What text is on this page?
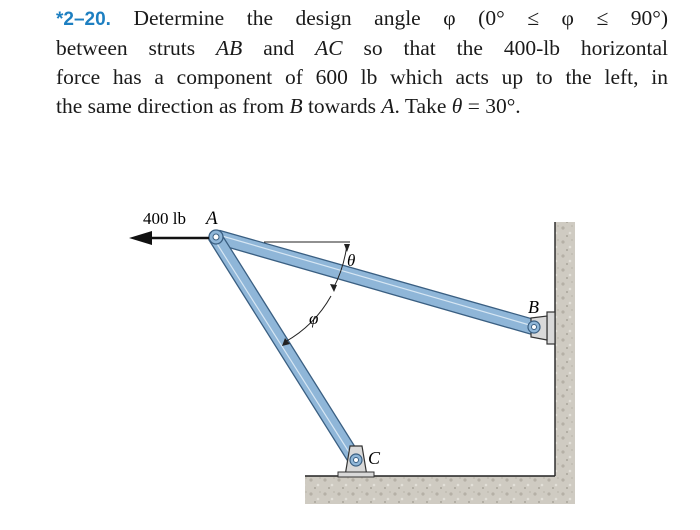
*2–20. Determine the design angle φ (0° ≤ φ ≤ 90°)
between struts AB and AC so that the 400-lb horizontal
force has a component of 600 lb which acts up to the left, in
the same direction as from B towards A. Take θ = 30°.
400 lb A
B
C
θ
φ
